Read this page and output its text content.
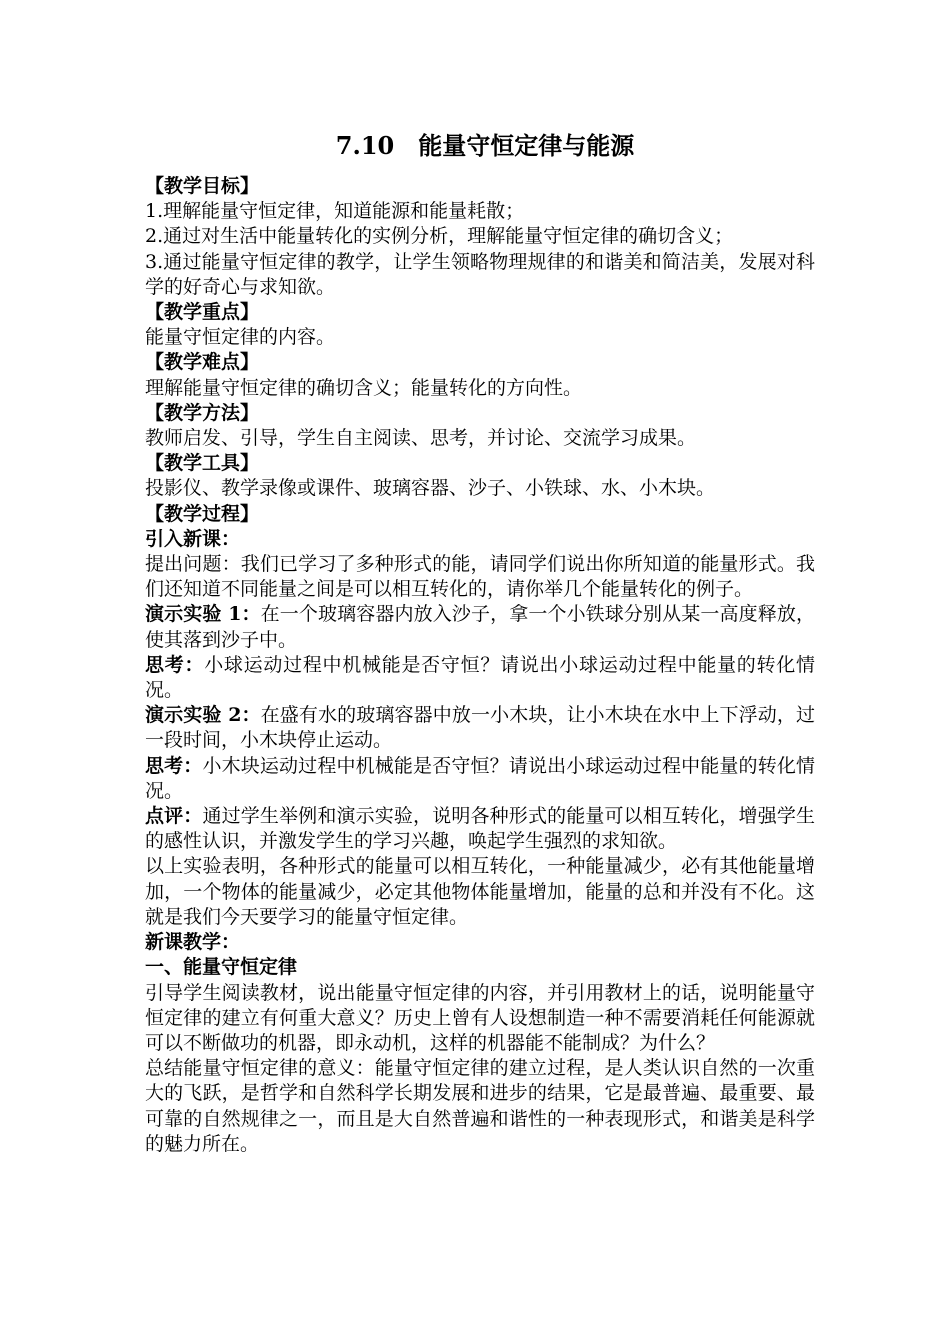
7.10　能量守恒定律与能源
【教学目标】
1.理解能量守恒定律，知道能源和能量耗散；
2.通过对生活中能量转化的实例分析，理解能量守恒定律的确切含义；
3.通过能量守恒定律的教学，让学生领略物理规律的和谐美和简洁美，发展对科学的好奇心与求知欲。
【教学重点】
能量守恒定律的内容。
【教学难点】
理解能量守恒定律的确切含义；能量转化的方向性。
【教学方法】
教师启发、引导，学生自主阅读、思考，并讨论、交流学习成果。
【教学工具】
投影仪、教学录像或课件、玻璃容器、沙子、小铁球、水、小木块。
【教学过程】
引入新课：
提出问题：我们已学习了多种形式的能，请同学们说出你所知道的能量形式。我们还知道不同能量之间是可以相互转化的，请你举几个能量转化的例子。
演示实验 1：在一个玻璃容器内放入沙子，拿一个小铁球分别从某一高度释放，使其落到沙子中。
思考：小球运动过程中机械能是否守恒？请说出小球运动过程中能量的转化情况。
演示实验 2：在盛有水的玻璃容器中放一小木块，让小木块在水中上下浮动，过一段时间，小木块停止运动。
思考：小木块运动过程中机械能是否守恒？请说出小球运动过程中能量的转化情况。
点评：通过学生举例和演示实验，说明各种形式的能量可以相互转化，增强学生的感性认识，并激发学生的学习兴趣，唤起学生强烈的求知欲。
以上实验表明，各种形式的能量可以相互转化，一种能量减少，必有其他能量增加，一个物体的能量减少，必定其他物体能量增加，能量的总和并没有不化。这就是我们今天要学习的能量守恒定律。
新课教学：
一、能量守恒定律
引导学生阅读教材，说出能量守恒定律的内容，并引用教材上的话，说明能量守恒定律的建立有何重大意义？历史上曾有人设想制造一种不需要消耗任何能源就可以不断做功的机器，即永动机，这样的机器能不能制成？为什么？
总结能量守恒定律的意义：能量守恒定律的建立过程，是人类认识自然的一次重大的飞跃，是哲学和自然科学长期发展和进步的结果，它是最普遍、最重要、最可靠的自然规律之一，而且是大自然普遍和谐性的一种表现形式，和谐美是科学的魅力所在。
